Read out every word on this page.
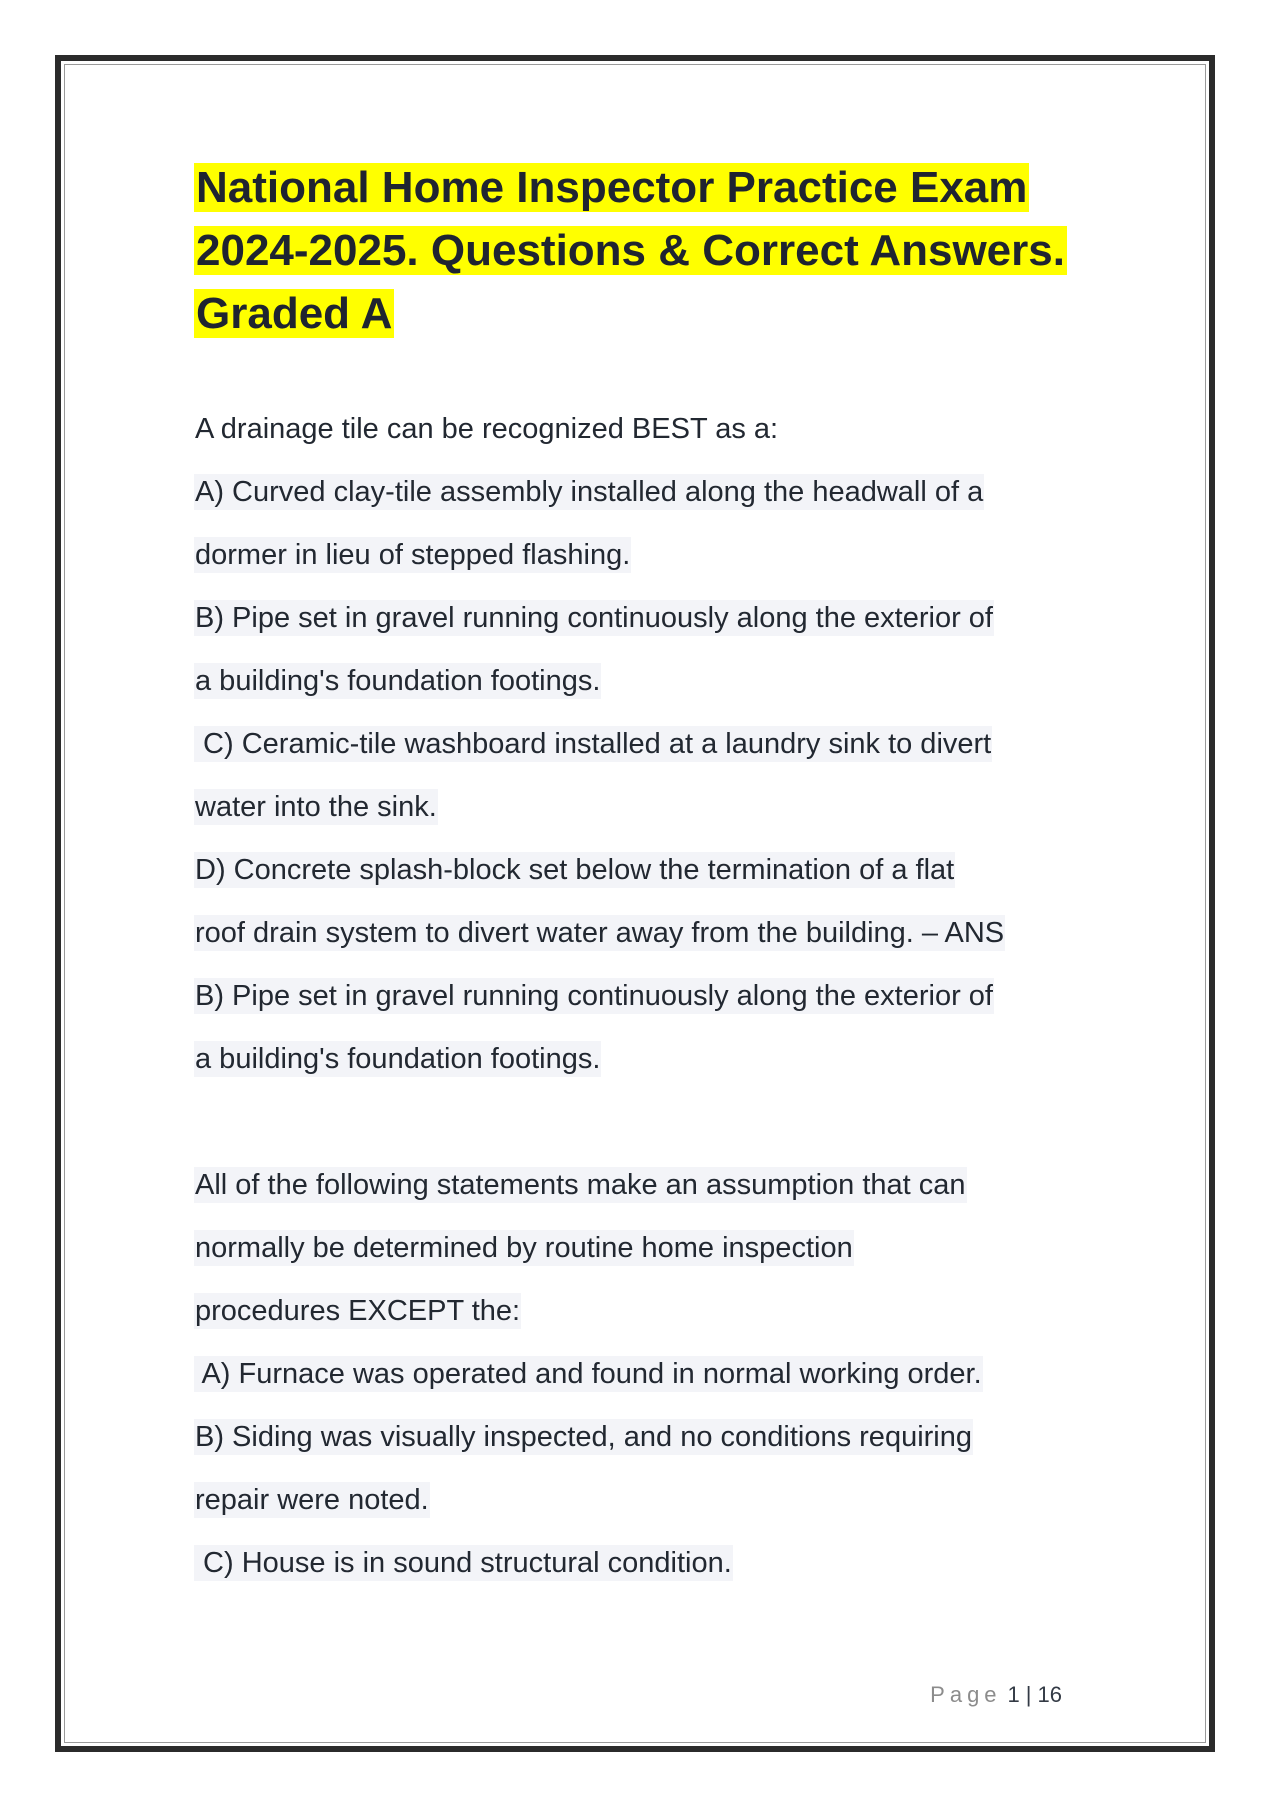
National Home Inspector Practice Exam
2024-2025. Questions & Correct Answers.
Graded A
A drainage tile can be recognized BEST as a:
A) Curved clay-tile assembly installed along the headwall of a
dormer in lieu of stepped flashing.
B) Pipe set in gravel running continuously along the exterior of
a building's foundation footings.
C) Ceramic-tile washboard installed at a laundry sink to divert
water into the sink.
D) Concrete splash-block set below the termination of a flat
roof drain system to divert water away from the building. – ANS
B) Pipe set in gravel running continuously along the exterior of
a building's foundation footings.
All of the following statements make an assumption that can
normally be determined by routine home inspection
procedures EXCEPT the:
A) Furnace was operated and found in normal working order.
B) Siding was visually inspected, and no conditions requiring
repair were noted.
C) House is in sound structural condition.
Page 1 | 16
